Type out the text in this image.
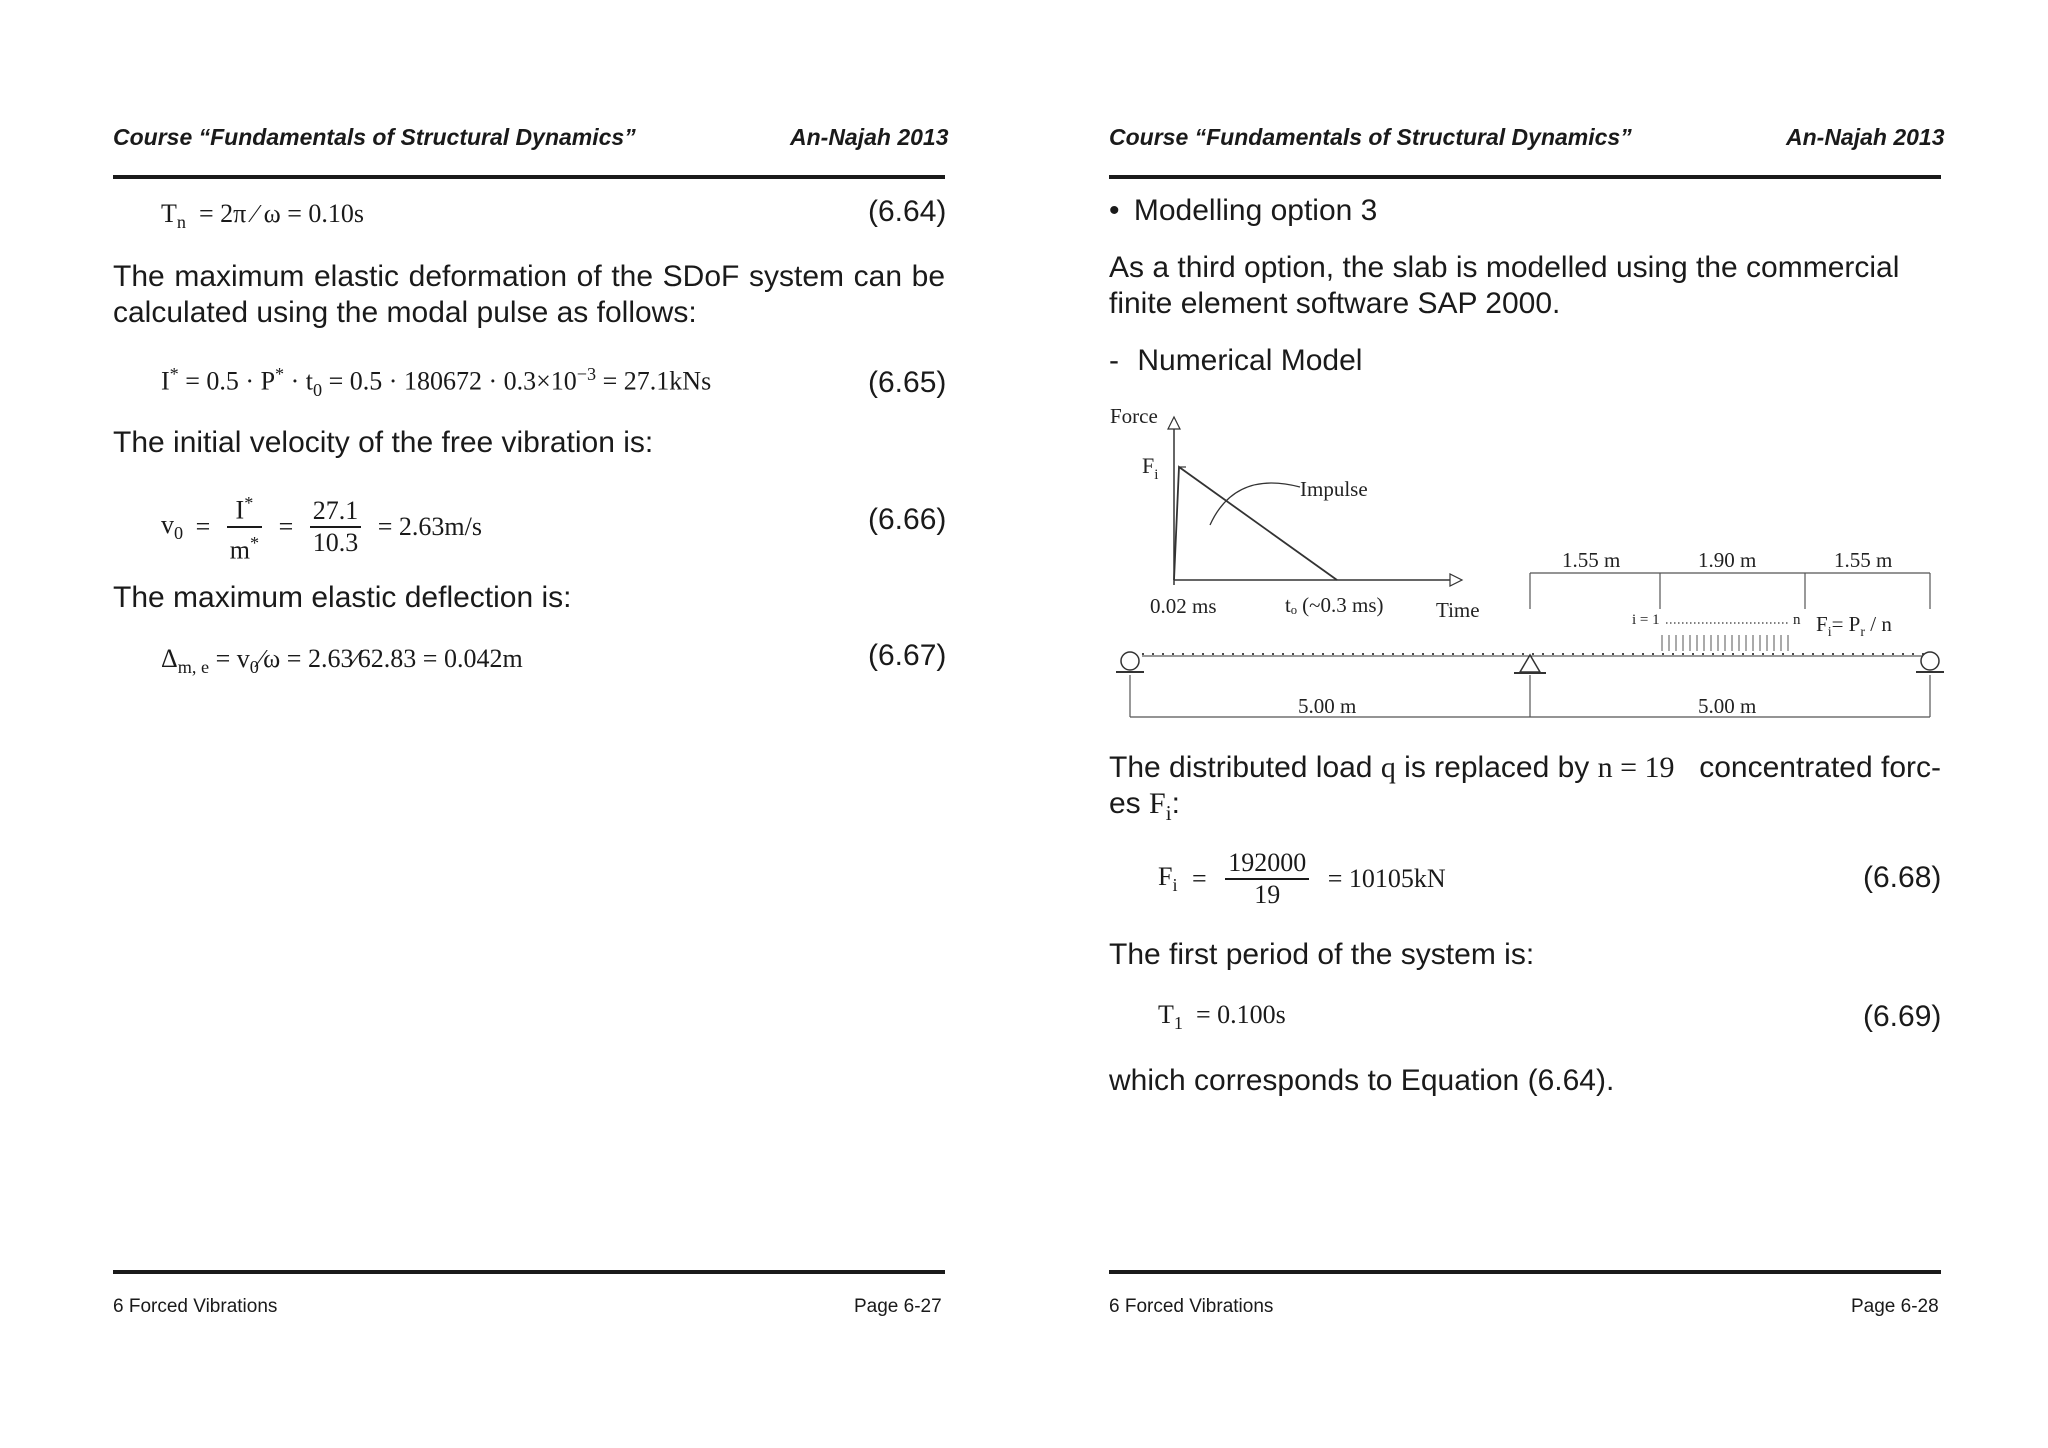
Course “Fundamentals of Structural Dynamics”	An-Najah 2013
$T_n = 2\pi$ ∕ ω = 0.10s	(6.64)
The maximum elastic deformation of the SDoF system can be calculated using the modal pulse as follows:
$I^* = 0.5 \cdot P^* \cdot t_0 = 0.5 \cdot 180672 \cdot 0.3\times 10^{-3} = 27.1kNs$	(6.65)
The initial velocity of the free vibration is:
$v_0 = \frac{I^*}{m^*} = \frac{27.1}{10.3} = 2.63m/s$	(6.66)
The maximum elastic deflection is:
$\Delta_{m, e}$ = $v_0∕\omega$ = 2.63∕62.83 = 0.042m	(6.67)
6 Forced Vibrations	Page 6-27
Course “Fundamentals of Structural Dynamics”	An-Najah 2013
• Modelling option 3
As a third option, the slab is modelled using the commercial finite element software SAP 2000.
- Numerical Model
Force
$F_i$
Impulse
0.02 ms	tₒ (~0.3 ms)	Time
1.55 m	1.90 m	1.55 m
i = 1	n $F_i= P_r / n$
5.00 m	5.00 m
The distributed load q is replaced by n = 19 concentrated forc-
es $F_i$:
$F_i = \frac{192000}{19} = 10105kN$	(6.68)
The first period of the system is:
$T_1 = 0.100s$	(6.69)
which corresponds to Equation (6.64).
6 Forced Vibrations	Page 6-28
